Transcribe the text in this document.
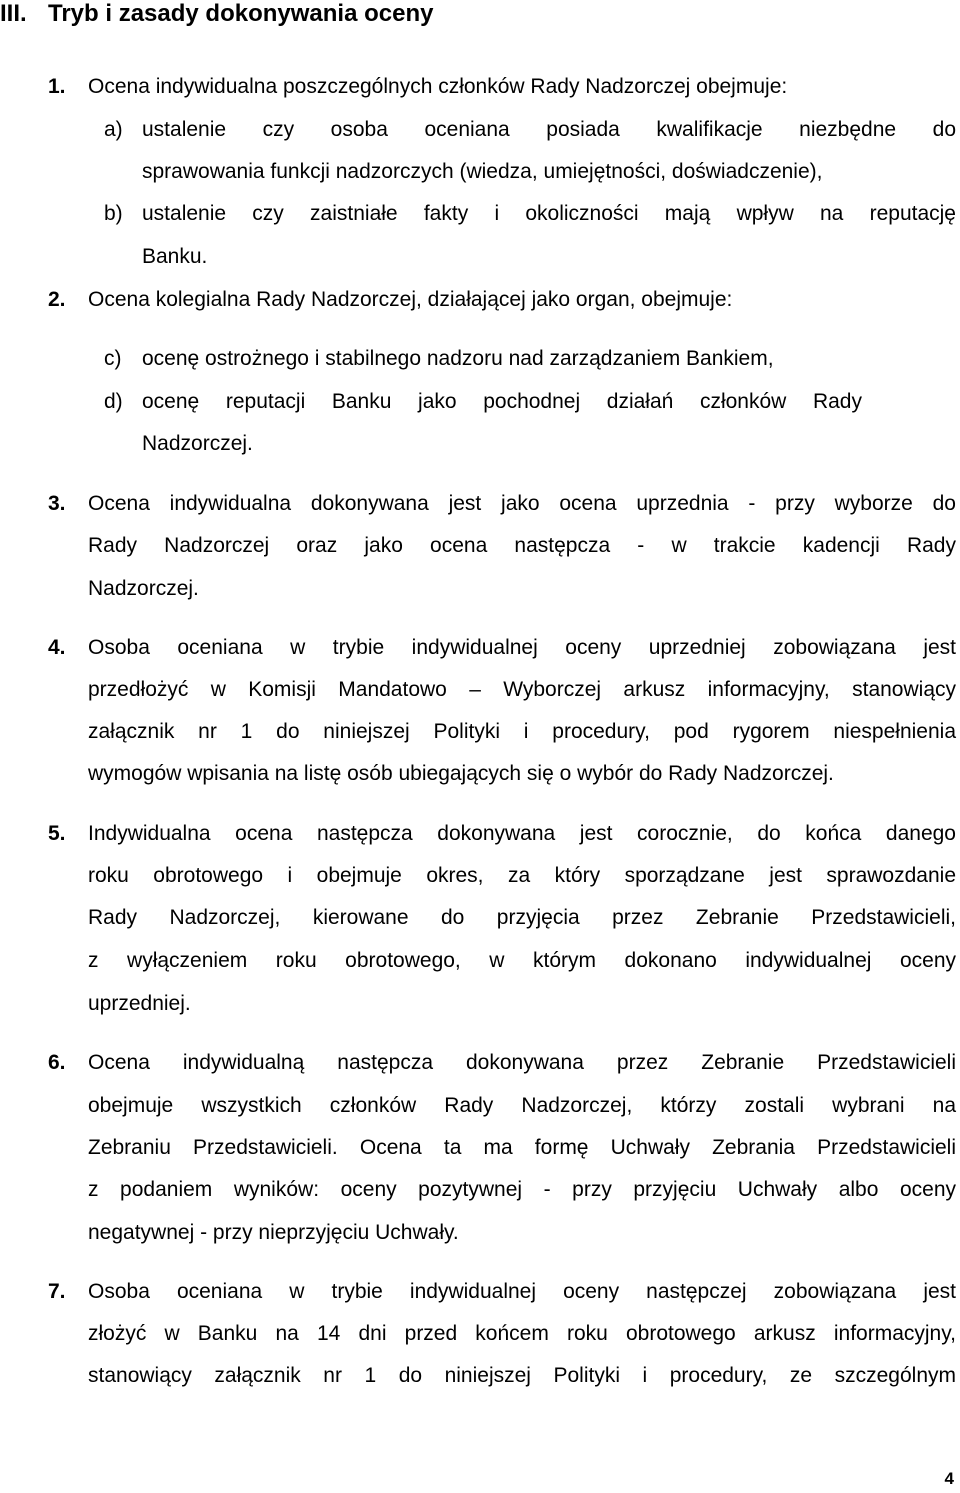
III. Tryb i zasady dokonywania oceny
1. Ocena indywidualna poszczególnych członków Rady Nadzorczej obejmuje:
a) ustalenie czy osoba oceniana posiada kwalifikacje niezbędne do
sprawowania funkcji nadzorczych (wiedza, umiejętności, doświadczenie),
b) ustalenie czy zaistniałe fakty i okoliczności mają wpływ na reputację
Banku.
2. Ocena kolegialna Rady Nadzorczej, działającej jako organ, obejmuje:
c) ocenę ostrożnego i stabilnego nadzoru nad zarządzaniem Bankiem,
d) ocenę reputacji Banku jako pochodnej działań członków Rady
Nadzorczej.
3. Ocena indywidualna dokonywana jest jako ocena uprzednia - przy wyborze do
Rady Nadzorczej oraz jako ocena następcza - w trakcie kadencji Rady
Nadzorczej.
4. Osoba oceniana w trybie indywidualnej oceny uprzedniej zobowiązana jest
przedłożyć w Komisji Mandatowo – Wyborczej arkusz informacyjny, stanowiący
załącznik nr 1 do niniejszej Polityki i procedury, pod rygorem niespełnienia
wymogów wpisania na listę osób ubiegających się o wybór do Rady Nadzorczej.
5. Indywidualna ocena następcza dokonywana jest corocznie, do końca danego
roku obrotowego i obejmuje okres, za który sporządzane jest sprawozdanie
Rady Nadzorczej, kierowane do przyjęcia przez Zebranie Przedstawicieli,
z wyłączeniem roku obrotowego, w którym dokonano indywidualnej oceny
uprzedniej.
6. Ocena indywidualną następcza dokonywana przez Zebranie Przedstawicieli
obejmuje wszystkich członków Rady Nadzorczej, którzy zostali wybrani na
Zebraniu Przedstawicieli. Ocena ta ma formę Uchwały Zebrania Przedstawicieli
z podaniem wyników: oceny pozytywnej - przy przyjęciu Uchwały albo oceny
negatywnej - przy nieprzyjęciu Uchwały.
7. Osoba oceniana w trybie indywidualnej oceny następczej zobowiązana jest
złożyć w Banku na 14 dni przed końcem roku obrotowego arkusz informacyjny,
stanowiący załącznik nr 1 do niniejszej Polityki i procedury, ze szczególnym
4
